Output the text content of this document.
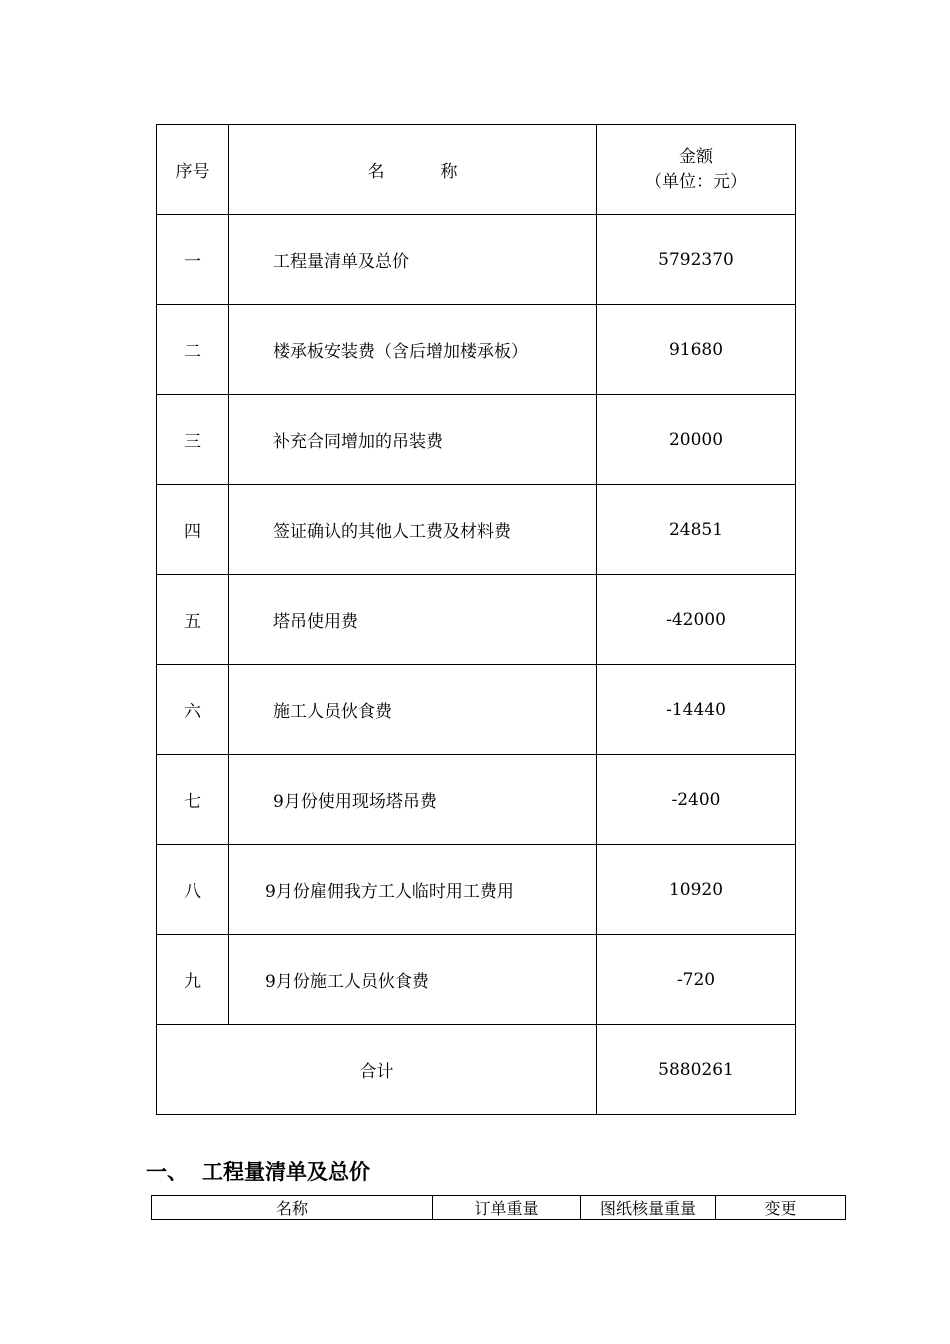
序号	名 称	金额
（单位：元）

一	工程量清单及总价	5792370
二	楼承板安装费（含后增加楼承板）	91680
三	补充合同增加的吊装费	20000
四	签证确认的其他人工费及材料费	24851
五	塔吊使用费	-42000
六	施工人员伙食费	-14440
七	9月份使用现场塔吊费	-2400
八	9月份雇佣我方工人临时用工费用	10920
九	9月份施工人员伙食费	-720
合计		5880261
一、 工程量清单及总价
名称	订单重量	图纸核量重量	变更
